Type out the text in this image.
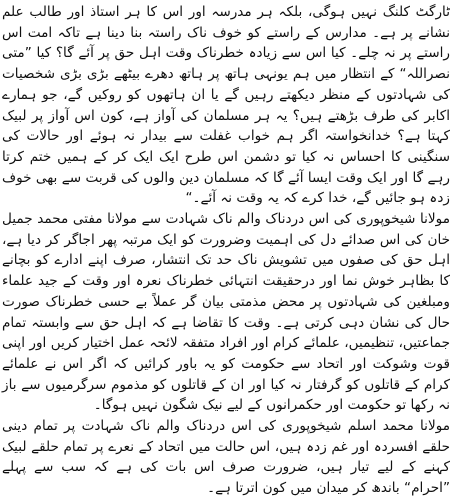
ٹارگٹ کلنگ نہیں ہوگی، بلکہ ہر مدرسہ اور اس کا ہر استاذ اور طالب علم نشانے پر ہے۔ مدارس کے راستے کو خوف ناک راستہ بنا دینا ہے تاکہ امت اس راستے پر نہ چلے۔ کیا اس سے زیادہ خطرناک وقت اہل حق پر آئے گا؟ کیا ”متی نصراللہ“ کے انتظار میں ہم یونہی ہاتھ پر ہاتھ دھرے بیٹھے بڑی بڑی شخصیات کی شہادتوں کے منظر دیکھتے رہیں گے یا ان ہاتھوں کو روکیں گے، جو ہمارے اکابر کی طرف بڑھتے ہیں؟ یہ ہر مسلمان کی آواز ہے، کون اس آواز پر لبیک کہتا ہے؟ خدانخواستہ اگر ہم خواب غفلت سے بیدار نہ ہوئے اور حالات کی سنگینی کا احساس نہ کیا تو دشمن اس طرح ایک ایک کر کے ہمیں ختم کرتا رہے گا اور ایک وقت ایسا آئے گا کہ مسلمان دین والوں کی قربت سے بھی خوف زدہ ہو جائیں گے، خدا کرے کہ یہ وقت نہ آئے۔“

مولانا شیخوپوری کی اس دردناک والم ناک شہادت سے مولانا مفتی محمد جمیل خان کی اس صدائے دل کی اہمیت وضرورت کو ایک مرتبہ پھر اجاگر کر دیا ہے، اہل حق کی صفوں میں تشویش ناک حد تک انتشار، صرف اپنے ادارے کو بچانے کا بظاہر خوش نما اور درحقیقت انتہائی خطرناک نعرہ اور وقت کے جید علماء ومبلغین کی شہادتوں پر محض مذمتی بیان گر عملاً بے حسی خطرناک صورت حال کی نشان دہی کرتی ہے۔ وقت کا تقاضا ہے کہ اہل حق سے وابستہ تمام جماعتیں، تنظیمیں، علمائے کرام اور افراد متفقہ لائحہ عمل اختیار کریں اور اپنی قوت وشوکت اور اتحاد سے حکومت کو یہ باور کرائیں کہ اگر اس نے علمائے کرام کے قاتلوں کو گرفتار نہ کیا اور ان کے قاتلوں کو مذموم سرگرمیوں سے باز نہ رکھا تو حکومت اور حکمرانوں کے لیے نیک شگون نہیں ہوگا۔

مولانا محمد اسلم شیخوپوری کی اس دردناک والم ناک شہادت پر تمام دینی حلقے افسردہ اور غم زدہ ہیں، اس حالت میں اتحاد کے نعرے پر تمام حلقے لبیک کہنے کے لیے تیار ہیں، ضرورت صرف اس بات کی ہے کہ سب سے پہلے ”احرام“ باندھ کر میدان میں کون اترتا ہے۔
